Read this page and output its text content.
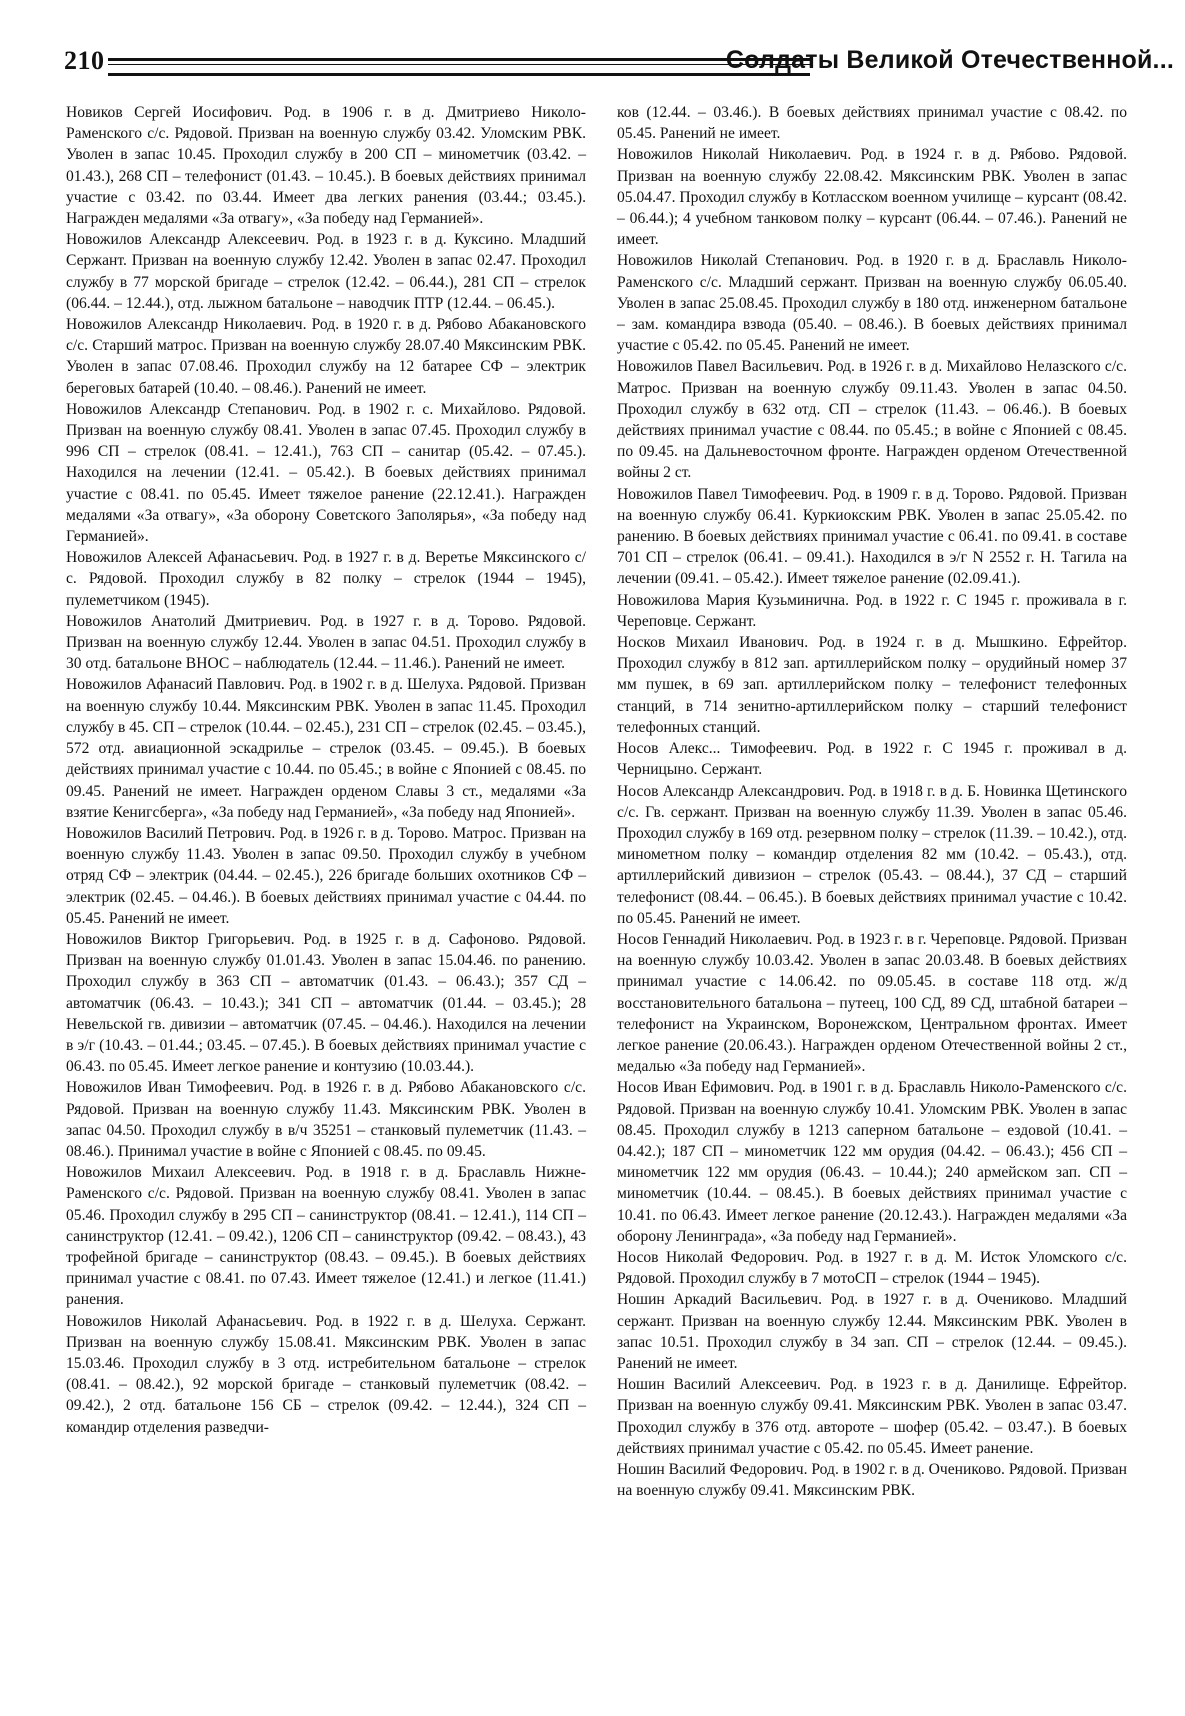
210	Солдаты Великой Отечественной...

Новиков Сергей Иосифович. Род. в 1906 г. в д. Дмитриево Николо-Раменского с/с. Рядовой. Призван на военную службу 03.42. Уломским РВК. Уволен в запас 10.45. Проходил службу в 200 СП – минометчик (03.42. – 01.43.), 268 СП – телефонист (01.43. – 10.45.). В боевых действиях принимал участие с 03.42. по 03.44. Имеет два легких ранения (03.44.; 03.45.). Награжден медалями «За отвагу», «За победу над Германией».

Новожилов Александр Алексеевич. Род. в 1923 г. в д. Куксино. Младший Сержант. Призван на военную службу 12.42. Уволен в запас 02.47. Проходил службу в 77 морской бригаде – стрелок (12.42. – 06.44.), 281 СП – стрелок (06.44. – 12.44.), отд. лыжном батальоне – наводчик ПТР (12.44. – 06.45.).

Новожилов Александр Николаевич. Род. в 1920 г. в д. Рябово Абакановского с/с. Старший матрос. Призван на военную службу 28.07.40 Мяксинским РВК. Уволен в запас 07.08.46. Проходил службу на 12 батарее СФ – электрик береговых батарей (10.40. – 08.46.). Ранений не имеет.

Новожилов Александр Степанович. Род. в 1902 г. с. Михайлово. Рядовой. Призван на военную службу 08.41. Уволен в запас 07.45. Проходил службу в 996 СП – стрелок (08.41. – 12.41.), 763 СП – санитар (05.42. – 07.45.). Находился на лечении (12.41. – 05.42.). В боевых действиях принимал участие с 08.41. по 05.45. Имеет тяжелое ранение (22.12.41.). Награжден медалями «За отвагу», «За оборону Советского Заполярья», «За победу над Германией».

Новожилов Алексей Афанасьевич. Род. в 1927 г. в д. Веретье Мяксинского с/с. Рядовой. Проходил службу в 82 полку – стрелок (1944 – 1945), пулеметчиком (1945).

Новожилов Анатолий Дмитриевич. Род. в 1927 г. в д. Торово. Рядовой. Призван на военную службу 12.44. Уволен в запас 04.51. Проходил службу в 30 отд. батальоне ВНОС – наблюдатель (12.44. – 11.46.). Ранений не имеет.

Новожилов Афанасий Павлович. Род. в 1902 г. в д. Шелуха. Рядовой. Призван на военную службу 10.44. Мяксинским РВК. Уволен в запас 11.45. Проходил службу в 45. СП – стрелок (10.44. – 02.45.), 231 СП – стрелок (02.45. – 03.45.), 572 отд. авиационной эскадрилье – стрелок (03.45. – 09.45.). В боевых действиях принимал участие с 10.44. по 05.45.; в войне с Японией с 08.45. по 09.45. Ранений не имеет. Награжден орденом Славы 3 ст., медалями «За взятие Кенигсберга», «За победу над Германией», «За победу над Японией».

Новожилов Василий Петрович. Род. в 1926 г. в д. Торово. Матрос. Призван на военную службу 11.43. Уволен в запас 09.50. Проходил службу в учебном отряд СФ – электрик (04.44. – 02.45.), 226 бригаде больших охотников СФ – электрик (02.45. – 04.46.). В боевых действиях принимал участие с 04.44. по 05.45. Ранений не имеет.

Новожилов Виктор Григорьевич. Род. в 1925 г. в д. Сафоново. Рядовой. Призван на военную службу 01.01.43. Уволен в запас 15.04.46. по ранению. Проходил службу в 363 СП – автоматчик (01.43. – 06.43.); 357 СД – автоматчик (06.43. – 10.43.); 341 СП – автоматчик (01.44. – 03.45.); 28 Невельской гв. дивизии – автоматчик (07.45. – 04.46.). Находился на лечении в э/г (10.43. – 01.44.; 03.45. – 07.45.). В боевых действиях принимал участие с 06.43. по 05.45. Имеет легкое ранение и контузию (10.03.44.).

Новожилов Иван Тимофеевич. Род. в 1926 г. в д. Рябово Абакановского с/с. Рядовой. Призван на военную службу 11.43. Мяксинским РВК. Уволен в запас 04.50. Проходил службу в в/ч 35251 – станковый пулеметчик (11.43. – 08.46.). Принимал участие в войне с Японией с 08.45. по 09.45.

Новожилов Михаил Алексеевич. Род. в 1918 г. в д. Браславль Нижне-Раменского с/с. Рядовой. Призван на военную службу 08.41. Уволен в запас 05.46. Проходил службу в 295 СП – санинструктор (08.41. – 12.41.), 114 СП – санинструктор (12.41. – 09.42.), 1206 СП – санинструктор (09.42. – 08.43.), 43 трофейной бригаде – санинструктор (08.43. – 09.45.). В боевых действиях принимал участие с 08.41. по 07.43. Имеет тяжелое (12.41.) и легкое (11.41.) ранения.

Новожилов Николай Афанасьевич. Род. в 1922 г. в д. Шелуха. Сержант. Призван на военную службу 15.08.41. Мяксинским РВК. Уволен в запас 15.03.46. Проходил службу в 3 отд. истребительном батальоне – стрелок (08.41. – 08.42.), 92 морской бригаде – станковый пулеметчик (08.42. – 09.42.), 2 отд. батальоне 156 СБ – стрелок (09.42. – 12.44.), 324 СП – командир отделения разведчи-

ков (12.44. – 03.46.). В боевых действиях принимал участие с 08.42. по 05.45. Ранений не имеет.

Новожилов Николай Николаевич. Род. в 1924 г. в д. Рябово. Рядовой. Призван на военную службу 22.08.42. Мяксинским РВК. Уволен в запас 05.04.47. Проходил службу в Котласском военном училище – курсант (08.42. – 06.44.); 4 учебном танковом полку – курсант (06.44. – 07.46.). Ранений не имеет.

Новожилов Николай Степанович. Род. в 1920 г. в д. Браславль Николо-Раменского с/с. Младший сержант. Призван на военную службу 06.05.40. Уволен в запас 25.08.45. Проходил службу в 180 отд. инженерном батальоне – зам. командира взвода (05.40. – 08.46.). В боевых действиях принимал участие с 05.42. по 05.45. Ранений не имеет.

Новожилов Павел Васильевич. Род. в 1926 г. в д. Михайлово Нелазского с/с. Матрос. Призван на военную службу 09.11.43. Уволен в запас 04.50. Проходил службу в 632 отд. СП – стрелок (11.43. – 06.46.). В боевых действиях принимал участие с 08.44. по 05.45.; в войне с Японией с 08.45. по 09.45. на Дальневосточном фронте. Награжден орденом Отечественной войны 2 ст.

Новожилов Павел Тимофеевич. Род. в 1909 г. в д. Торово. Рядовой. Призван на военную службу 06.41. Куркиокским РВК. Уволен в запас 25.05.42. по ранению. В боевых действиях принимал участие с 06.41. по 09.41. в составе 701 СП – стрелок (06.41. – 09.41.). Находился в э/г N 2552 г. Н. Тагила на лечении (09.41. – 05.42.). Имеет тяжелое ранение (02.09.41.).

Новожилова Мария Кузьминична. Род. в 1922 г. С 1945 г. проживала в г. Череповце. Сержант.

Носков Михаил Иванович. Род. в 1924 г. в д. Мышкино. Ефрейтор. Проходил службу в 812 зап. артиллерийском полку – орудийный номер 37 мм пушек, в 69 зап. артиллерийском полку – телефонист телефонных станций, в 714 зенитно-артиллерийском полку – старший телефонист телефонных станций.

Носов Алекс... Тимофеевич. Род. в 1922 г. С 1945 г. проживал в д. Черницыно. Сержант.

Носов Александр Александрович. Род. в 1918 г. в д. Б. Новинка Щетинского с/с. Гв. сержант. Призван на военную службу 11.39. Уволен в запас 05.46. Проходил службу в 169 отд. резервном полку – стрелок (11.39. – 10.42.), отд. минометном полку – командир отделения 82 мм (10.42. – 05.43.), отд. артиллерийский дивизион – стрелок (05.43. – 08.44.), 37 СД – старший телефонист (08.44. – 06.45.). В боевых действиях принимал участие с 10.42. по 05.45. Ранений не имеет.

Носов Геннадий Николаевич. Род. в 1923 г. в г. Череповце. Рядовой. Призван на военную службу 10.03.42. Уволен в запас 20.03.48. В боевых действиях принимал участие с 14.06.42. по 09.05.45. в составе 118 отд. ж/д восстановительного батальона – путеец, 100 СД, 89 СД, штабной батареи – телефонист на Украинском, Воронежском, Центральном фронтах. Имеет легкое ранение (20.06.43.). Награжден орденом Отечественной войны 2 ст., медалью «За победу над Германией».

Носов Иван Ефимович. Род. в 1901 г. в д. Браславль Николо-Раменского с/с. Рядовой. Призван на военную службу 10.41. Уломским РВК. Уволен в запас 08.45. Проходил службу в 1213 саперном батальоне – ездовой (10.41. – 04.42.); 187 СП – минометчик 122 мм орудия (04.42. – 06.43.); 456 СП – минометчик 122 мм орудия (06.43. – 10.44.); 240 армейском зап. СП – минометчик (10.44. – 08.45.). В боевых действиях принимал участие с 10.41. по 06.43. Имеет легкое ранение (20.12.43.). Награжден медалями «За оборону Ленинграда», «За победу над Германией».

Носов Николай Федорович. Род. в 1927 г. в д. М. Исток Уломского с/с. Рядовой. Проходил службу в 7 мотоСП – стрелок (1944 – 1945).

Ношин Аркадий Васильевич. Род. в 1927 г. в д. Очениково. Младший сержант. Призван на военную службу 12.44. Мяксинским РВК. Уволен в запас 10.51. Проходил службу в 34 зап. СП – стрелок (12.44. – 09.45.). Ранений не имеет.

Ношин Василий Алексеевич. Род. в 1923 г. в д. Данилище. Ефрейтор. Призван на военную службу 09.41. Мяксинским РВК. Уволен в запас 03.47. Проходил службу в 376 отд. автороте – шофер (05.42. – 03.47.). В боевых действиях принимал участие с 05.42. по 05.45. Имеет ранение.

Ношин Василий Федорович. Род. в 1902 г. в д. Очениково. Рядовой. Призван на военную службу 09.41. Мяксинским РВК.
